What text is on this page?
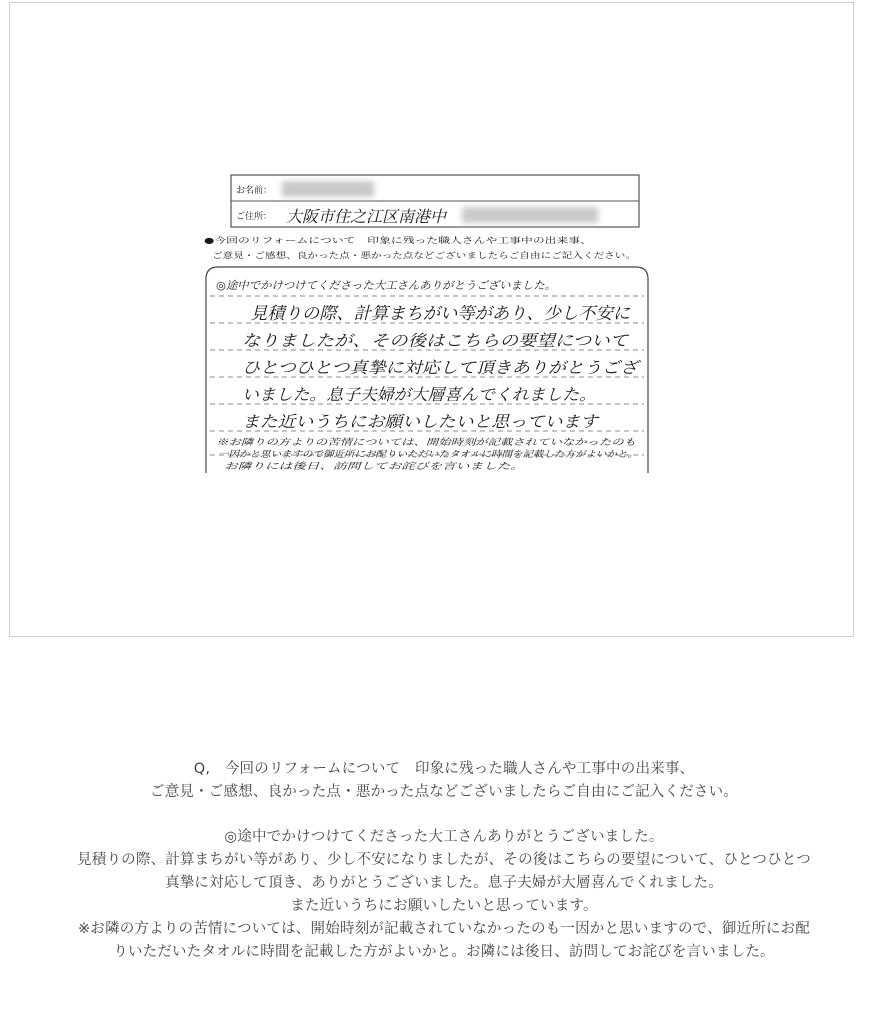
お名前：
ご住所： 大阪市住之江区南港中
●今回のリフォームについて　印象に残った職人さんや工事中の出来事、
ご意見・ご感想、良かった点・悪かった点などございましたらご自由にご記入ください。
◎途中でかけつけてくださった大工さんありがとうございました。
見積りの際、計算まちがい等があり、少し不安に
なりましたが、その後はこちらの要望について
ひとつひとつ真摯に対応して頂きありがとうござ
いました。息子夫婦が大層喜んでくれました。
また近いうちにお願いしたいと思っています
※お隣りの方よりの苦情については、開始時刻が記載されていなかったのも
一因かと思いますので御近所にお配りいただいたタオルに時間を記載した方がよいかと。
お隣りには後日、訪問してお詫びを言いました。

Q,　今回のリフォームについて　印象に残った職人さんや工事中の出来事、

ご意見・ご感想、良かった点・悪かった点などございましたらご自由にご記入ください。

◎途中でかけつけてくださった大工さんありがとうございました。

見積りの際、計算まちがい等があり、少し不安になりましたが、その後はこちらの要望について、ひとつひとつ

真摯に対応して頂き、ありがとうございました。息子夫婦が大層喜んでくれました。

また近いうちにお願いしたいと思っています。

※お隣の方よりの苦情については、開始時刻が記載されていなかったのも一因かと思いますので、御近所にお配

りいただいたタオルに時間を記載した方がよいかと。お隣には後日、訪問してお詫びを言いました。
